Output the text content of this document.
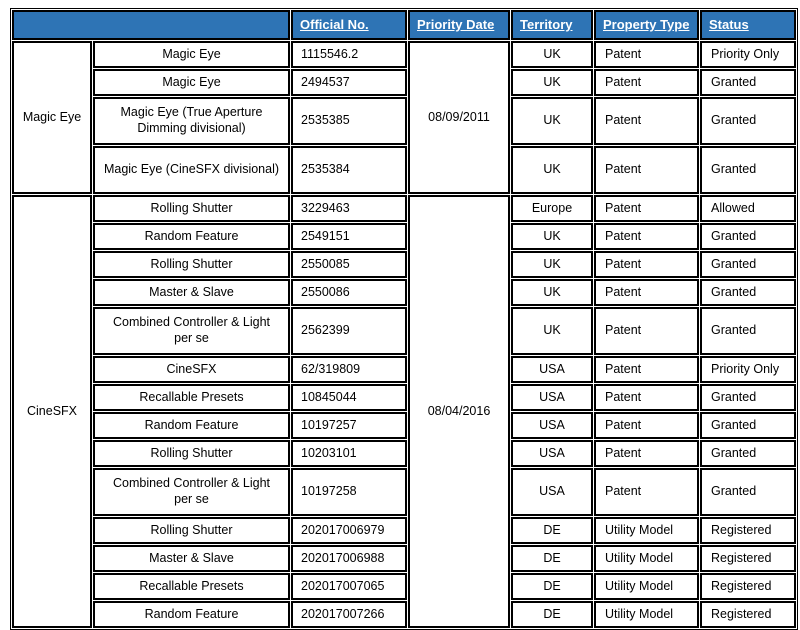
		Official No.	Priority Date	Territory	Property Type	Status
Magic Eye	Magic Eye	1115546.2	08/09/2011	UK	Patent	Priority Only
	Magic Eye	2494537		UK	Patent	Granted
	Magic Eye (True Aperture Dimming divisional)	2535385		UK	Patent	Granted
	Magic Eye (CineSFX divisional)	2535384		UK	Patent	Granted
CineSFX	Rolling Shutter	3229463	08/04/2016	Europe	Patent	Allowed
	Random Feature	2549151		UK	Patent	Granted
	Rolling Shutter	2550085		UK	Patent	Granted
	Master & Slave	2550086		UK	Patent	Granted
	Combined Controller & Light per se	2562399		UK	Patent	Granted
	CineSFX	62/319809		USA	Patent	Priority Only
	Recallable Presets	10845044		USA	Patent	Granted
	Random Feature	10197257		USA	Patent	Granted
	Rolling Shutter	10203101		USA	Patent	Granted
	Combined Controller & Light per se	10197258		USA	Patent	Granted
	Rolling Shutter	202017006979		DE	Utility Model	Registered
	Master & Slave	202017006988		DE	Utility Model	Registered
	Recallable Presets	202017007065		DE	Utility Model	Registered
	Random Feature	202017007266		DE	Utility Model	Registered
